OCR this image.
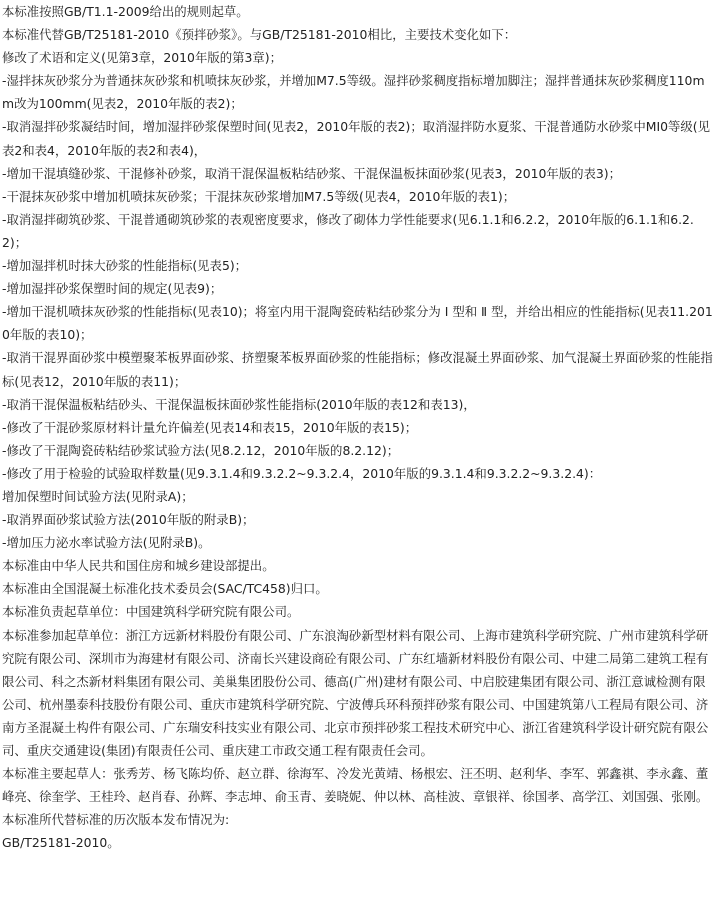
本标准按照GB/T1.1-2009给出的规则起草。

本标准代替GB/T25181-2010《预拌砂浆》。与GB/T25181-2010相比，主要技术变化如下：

修改了术语和定义(见第3章，2010年版的第3章)；

-湿拌抹灰砂浆分为普通抹灰砂浆和机喷抹灰砂浆，并增加M7.5等级。湿拌砂浆稠度指标增加脚注；湿拌普通抹灰砂浆稠度110mm改为100mm(见表2，2010年版的表2)；

-取消湿拌砂浆凝结时间，增加湿拌砂浆保塑时间(见表2，2010年版的表2)；取消湿拌防水夏浆、干混普通防水砂浆中MI0等级(见表2和表4，2010年版的表2和表4)，

-增加干混填缝砂浆、干混修补砂浆，取消干混保温板粘结砂浆、干混保温板抹面砂浆(见表3，2010年版的表3)；

-干混抹灰砂浆中增加机喷抹灰砂浆；干混抹灰砂浆增加M7.5等级(见表4，2010年版的表1)；

-取消湿拌砌筑砂浆、干混普通砌筑砂浆的表观密度要求，修改了砌体力学性能要求(见6.1.1和6.2.2，2010年版的6.1.1和6.2.2)；

-增加湿拌机时抹大砂浆的性能指标(见表5)；

-增加湿拌砂浆保塑时间的规定(见表9)；

-增加干混机喷抹灰砂浆的性能指标(见表10)；将室内用干混陶瓷砖粘结砂浆分为 Ⅰ 型和 Ⅱ 型，并给出相应的性能指标(见表11.2010年版的表10)；

-取消干混界面砂浆中模塑聚苯板界面砂浆、挤塑聚苯板界面砂浆的性能指标；修改混凝土界面砂浆、加气混凝土界面砂浆的性能指标(见表12，2010年版的表11)；

-取消干混保温板粘结砂头、干混保温板抹面砂浆性能指标(2010年版的表12和表13)，

-修改了干混砂浆原材料计量允许偏差(见表14和表15，2010年版的表15)；

-修改了干混陶瓷砖粘结砂浆试验方法(见8.2.12，2010年版的8.2.12)；

-修改了用于检验的试验取样数量(见9.3.1.4和9.3.2.2~9.3.2.4，2010年版的9.3.1.4和9.3.2.2~9.3.2.4)：

增加保塑时间试验方法(见附录A)；

-取消界面砂浆试验方法(2010年版的附录B)；

-增加压力泌水率试验方法(见附录B)。

本标准由中华人民共和国住房和城乡建设部提出。

本标准由全国混凝土标准化技术委员会(SAC/TC458)归口。

本标准负责起草单位：中国建筑科学研究院有限公司。

本标准参加起草单位：浙江方远新材料股份有限公司、广东浪淘砂新型材料有限公司、上海市建筑科学研究院、广州市建筑科学研究院有限公司、深圳市为海建材有限公司、济南长兴建设商砼有限公司、广东红墙新材料股份有限公司、中建二局第二建筑工程有限公司、科之杰新材料集团有限公司、美巢集团股份公司、德高(广州)建材有限公司、中启胶建集团有限公司、浙江意诚检测有限公司、杭州墨泰科技股份有限公司、重庆市建筑科学研究院、宁波傅兵环科预拌砂浆有限公司、中国建筑第八工程局有限公司、济南方圣混凝土构件有限公司、广东瑞安科技实业有限公司、北京市预拌砂浆工程技术研究中心、浙江省建筑科学设计研究院有限公司、重庆交通建设(集团)有限责任公司、重庆建工市政交通工程有限责任会司。

本标准主要起草人：张秀芳、杨飞陈均侨、赵立群、徐海军、冷发光黄靖、杨根宏、汪丕明、赵利华、李军、郭鑫祺、李永鑫、董峰亮、徐奎学、王桂玲、赵肖春、孙辉、李志坤、俞玉青、姜晓妮、仲以林、高桂波、章银祥、徐国孝、高学江、刘国强、张刚。

本标准所代替标准的历次版本发布情况为:

GB/T25181-2010。
